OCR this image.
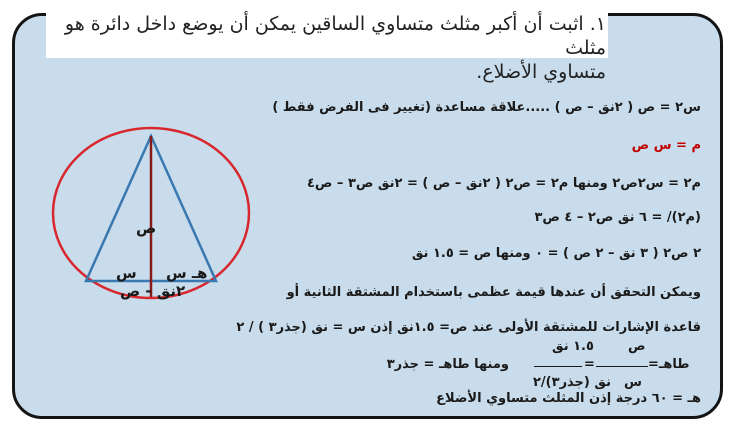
١. اثبت أن أكبر مثلث متساوي الساقين يمكن أن يوضع داخل دائرة هو مثلث
متساوي الأضلاع.
ص
س هـ س
٢نق - ص
س٢ = ص ( ٢نق – ص ) .....علاقة مساعدة (تغيير فى الفرض فقط )
م = س ص
م٢ = س٢ص٢ ومنها م٢ = ص٢ ( ٢نق – ص ) = ٢نق ص٣ – ص٤
(م٢)/ = ٦ نق ص٢ – ٤ ص٣
٢ ص٢ ( ٣ نق – ٢ ص ) = ٠ ومنها ص = ١.٥ نق
ويمكن التحقق أن عندها قيمة عظمى باستخدام المشتقة الثانية أو
قاعدة الإشارات للمشتقة الأولى عند ص= ١.٥نق إذن س = نق (جذر٣ ) / ٢
ص
١.٥ نق
طاهـ=
=
ومنها طاهـ = جذر٣
س
نق (جذر٣)/٢
هـ = ٦٠ درجة إذن المثلث متساوي الأضلاع
